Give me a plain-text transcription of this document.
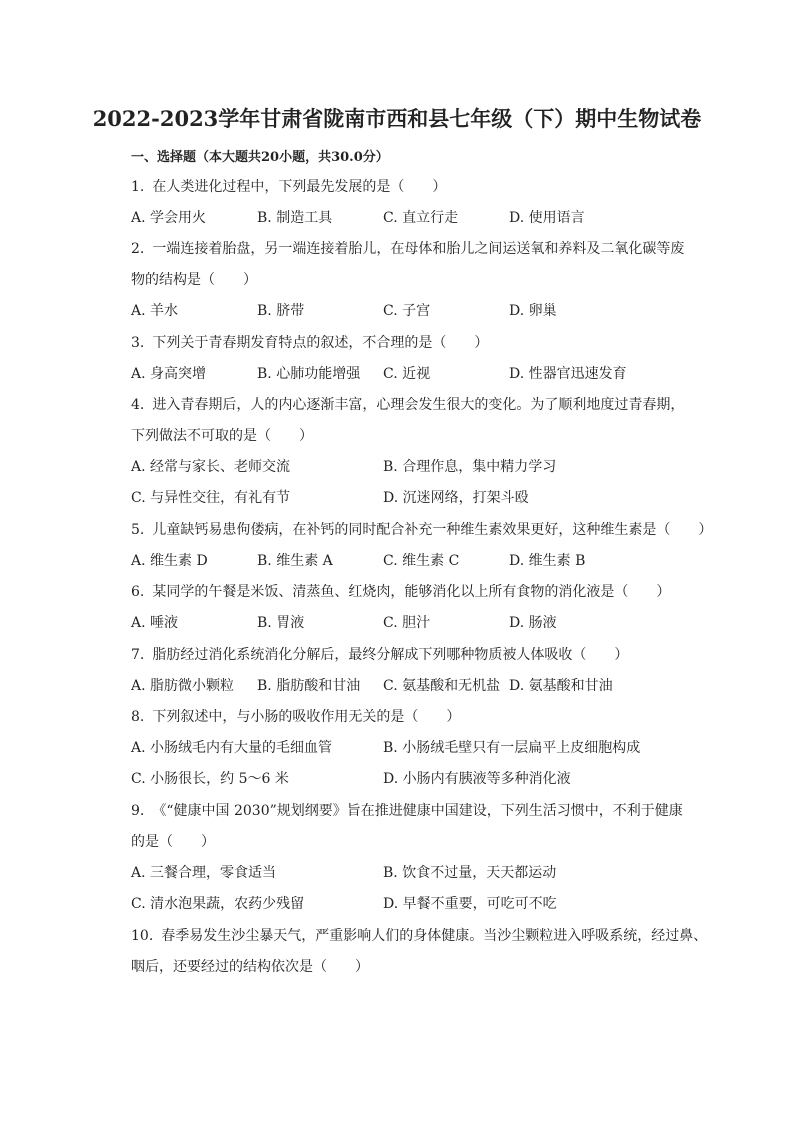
2022-2023学年甘肃省陇南市西和县七年级（下）期中生物试卷
一、选择题（本大题共20小题，共30.0分）
1. 在人类进化过程中，下列最先发展的是（　　）
A. 学会用火	B. 制造工具	C. 直立行走	D. 使用语言
2. 一端连接着胎盘，另一端连接着胎儿，在母体和胎儿之间运送氧和养料及二氧化碳等废
物的结构是（　　）
A. 羊水	B. 脐带	C. 子宫	D. 卵巢
3. 下列关于青春期发育特点的叙述，不合理的是（　　）
A. 身高突增	B. 心肺功能增强 C. 近视	D. 性器官迅速发育
4. 进入青春期后，人的内心逐渐丰富，心理会发生很大的变化。为了顺利地度过青春期，
下列做法不可取的是（　　）
A. 经常与家长、老师交流	B. 合理作息，集中精力学习
C. 与异性交往，有礼有节	D. 沉迷网络，打架斗殴
5. 儿童缺钙易患佝偻病，在补钙的同时配合补充一种维生素效果更好，这种维生素是（　　）
A. 维生素 D	B. 维生素 A	C. 维生素 C	D. 维生素 B
6. 某同学的午餐是米饭、清蒸鱼、红烧肉，能够消化以上所有食物的消化液是（　　）
A. 唾液	B. 胃液	C. 胆汁	D. 肠液
7. 脂肪经过消化系统消化分解后，最终分解成下列哪种物质被人体吸收（　　）
A. 脂肪微小颗粒 B. 脂肪酸和甘油 C. 氨基酸和无机盐 D. 氨基酸和甘油
8. 下列叙述中，与小肠的吸收作用无关的是（　　）
A. 小肠绒毛内有大量的毛细血管	B. 小肠绒毛壁只有一层扁平上皮细胞构成
C. 小肠很长，约 5～6 米	D. 小肠内有胰液等多种消化液
9. 《“健康中国 2030”规划纲要》旨在推进健康中国建设，下列生活习惯中，不利于健康
的是（　　）
A. 三餐合理，零食适当	B. 饮食不过量，天天都运动
C. 清水泡果蔬，农药少残留	D. 早餐不重要，可吃可不吃
10. 春季易发生沙尘暴天气，严重影响人们的身体健康。当沙尘颗粒进入呼吸系统，经过鼻、
咽后，还要经过的结构依次是（　　）
